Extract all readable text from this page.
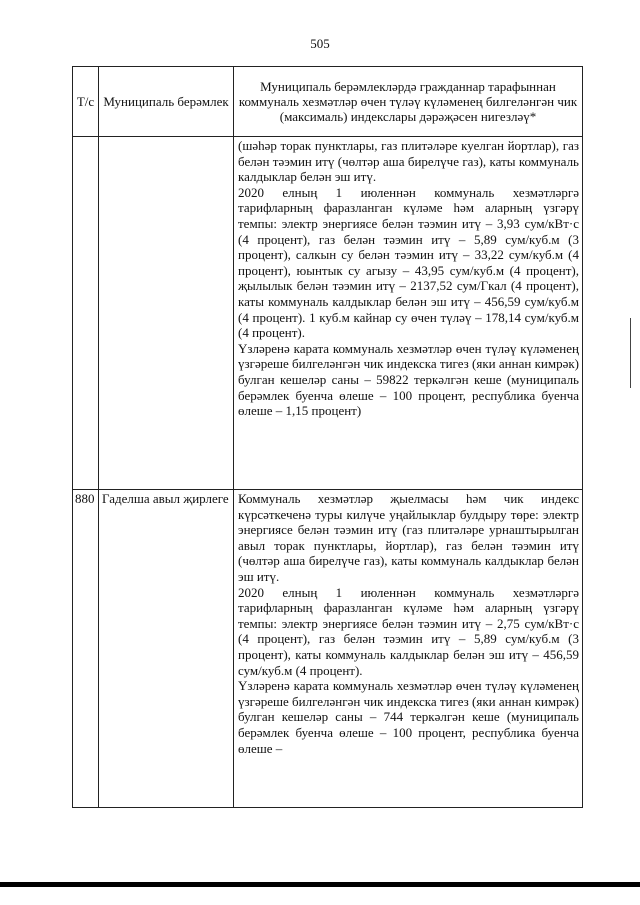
505
Т/с	Муниципаль берәмлек	Муниципаль берәмлекләрдә гражданнар тарафыннан коммуналь хезмәтләр өчен түләү күләменең билгеләнгән чик (максималь) индекслары дәрәҗәсен нигезләү*

		(шәһәр торак пунктлары, газ плитәләре куелган йортлар), газ белән тәэмин итү (чөлтәр аша бирелүче газ), каты коммуналь калдыклар белән эш итү.

2020 елның 1 июленнән коммуналь хезмәтләргә тарифларның фаразланган күләме һәм аларның үзгәрү темпы: электр энергиясе белән тәэмин итү – 3,93 сум/кВт·с (4 процент), газ белән тәэмин итү – 5,89 сум/куб.м (3 процент), салкын су белән тәэмин итү – 33,22 сум/куб.м (4 процент), юынтык су агызу – 43,95 сум/куб.м (4 процент), җылылык белән тәэмин итү – 2137,52 сум/Гкал (4 процент), каты коммуналь калдыклар белән эш итү – 456,59 сум/куб.м (4 процент). 1 куб.м кайнар су өчен түләү – 178,14 сум/куб.м (4 процент).

Үзләренә карата коммуналь хезмәтләр өчен түләү күләменең үзгәреше билгеләнгән чик индекска тигез (яки аннан кимрәк) булган кешеләр саны – 59822 теркәлгән кеше (муниципаль берәмлек буенча өлеше – 100 процент, республика буенча өлеше – 1,15 процент)

880	Гаделша авыл җирлеге	Коммуналь хезмәтләр җыелмасы һәм чик индекс күрсәткеченә туры килүче уңайлыклар булдыру төре: электр энергиясе белән тәэмин итү (газ плитәләре урнаштырылган авыл торак пунктлары, йортлар), газ белән тәэмин итү (чөлтәр аша бирелүче газ), каты коммуналь калдыклар белән эш итү.

2020 елның 1 июленнән коммуналь хезмәтләргә тарифларның фаразланган күләме һәм аларның үзгәрү темпы: электр энергиясе белән тәэмин итү – 2,75 сум/кВт·с (4 процент), газ белән тәэмин итү – 5,89 сум/куб.м (3 процент), каты коммуналь калдыклар белән эш итү – 456,59 сум/куб.м (4 процент).

Үзләренә карата коммуналь хезмәтләр өчен түләү күләменең үзгәреше билгеләнгән чик индекска тигез (яки аннан кимрәк) булган кешеләр саны – 744 теркәлгән кеше (муниципаль берәмлек буенча өлеше – 100 процент, республика буенча өлеше –
